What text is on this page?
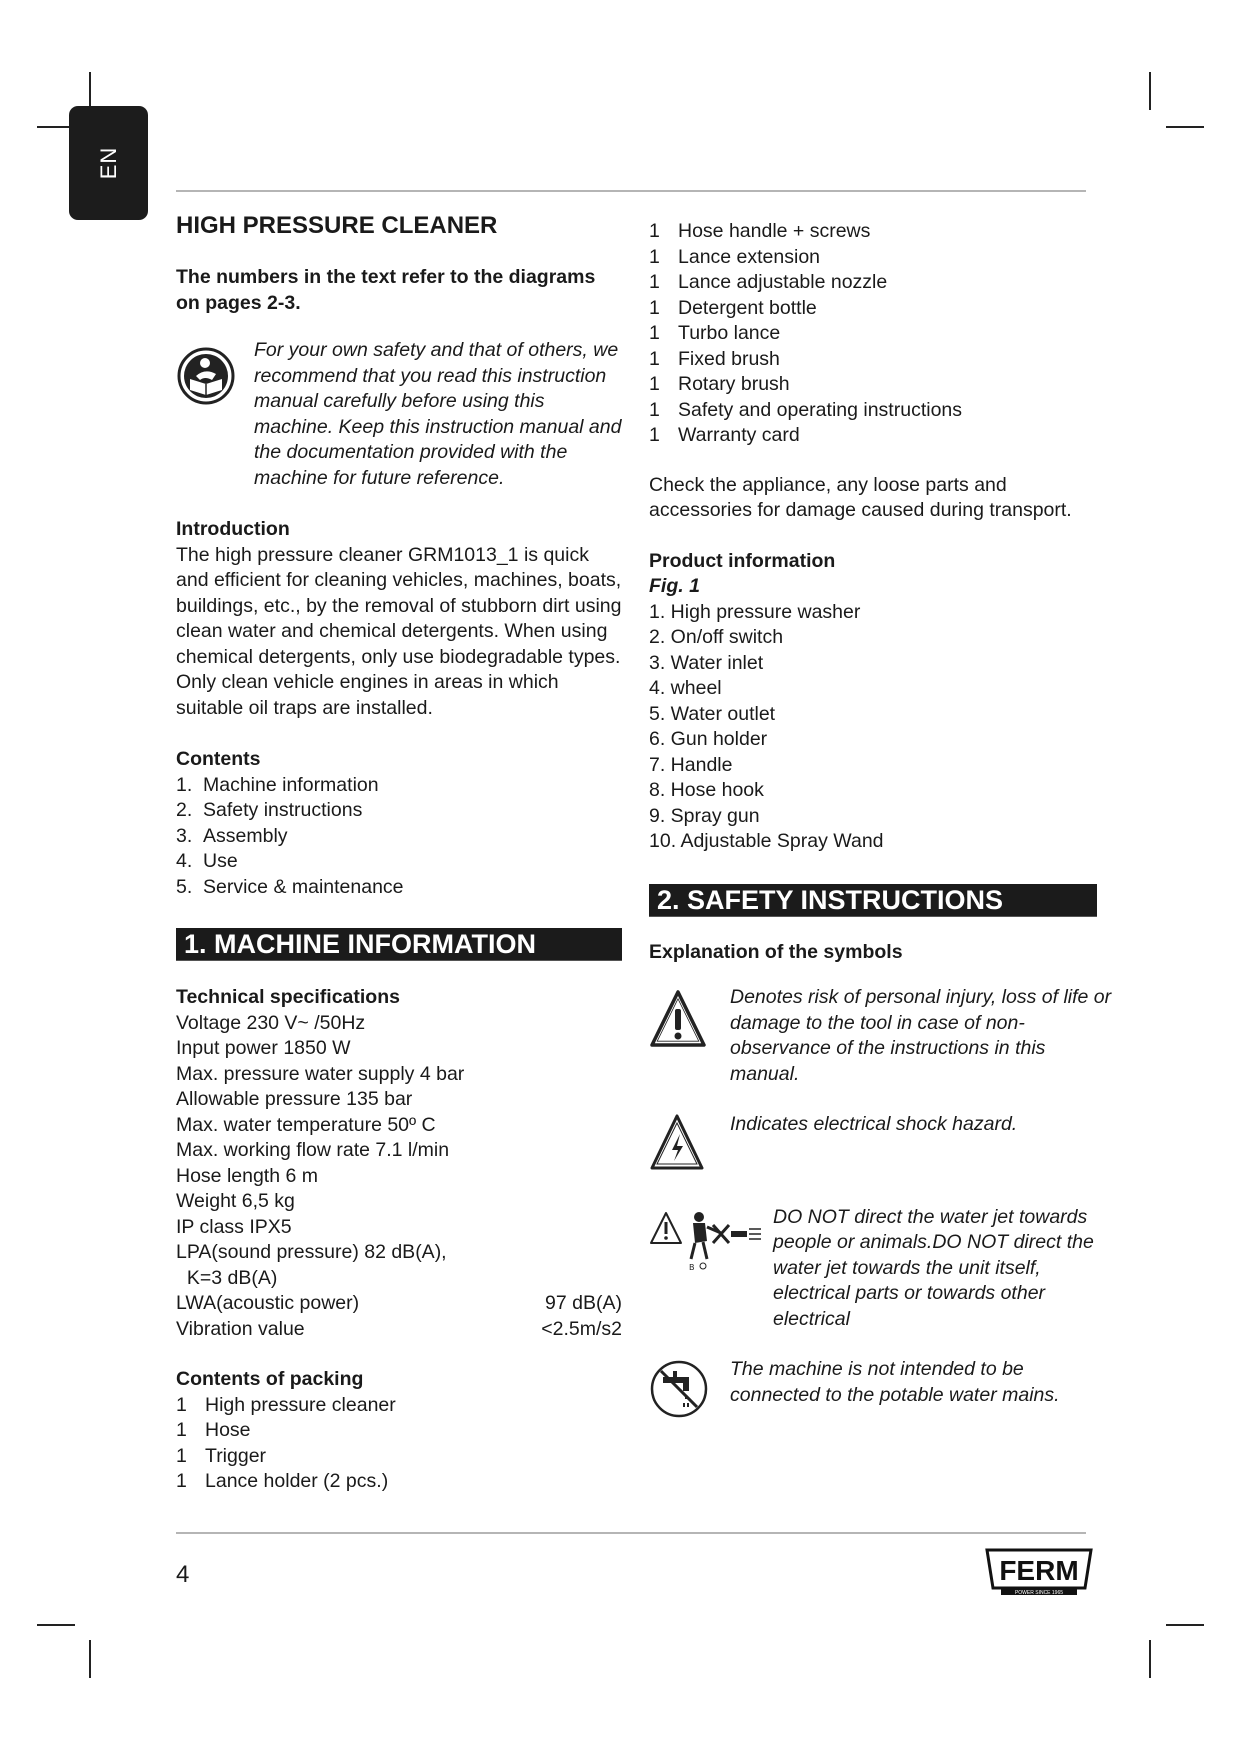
EN
HIGH PRESSURE CLEANER

The numbers in the text refer to the diagrams on pages 2-3.

For your own safety and that of others, we recommend that you read this instruction manual carefully before using this machine. Keep this instruction manual and the documentation provided with the machine for future reference.

Introduction

The high pressure cleaner GRM1013_1 is quick and efficient for cleaning vehicles, machines, boats, buildings, etc., by the removal of stubborn dirt using clean water and chemical detergents. When using chemical detergents, only use biodegradable types. Only clean vehicle engines in areas in which suitable oil traps are installed.

Contents

1. Machine information
2. Safety instructions
3. Assembly
4. Use
5. Service & maintenance
1. MACHINE INFORMATION

Technical specifications

Voltage 230 V~ /50Hz

Input power 1850 W

Max. pressure water supply 4 bar

Allowable pressure 135 bar

Max. water temperature 50º C

Max. working flow rate 7.1 l/min

Hose length 6 m

Weight 6,5 kg

IP class IPX5

LPA(sound pressure) 82 dB(A),

K=3 dB(A)

LWA(acoustic power)	97 dB(A)
Vibration value	<2.5m/s2

Contents of packing

1 High pressure cleaner
1 Hose
1 Trigger
1 Lance holder (2 pcs.)
1 Hose handle + screws
1 Lance extension
1 Lance adjustable nozzle
1 Detergent bottle
1 Turbo lance
1 Fixed brush
1 Rotary brush
1 Safety and operating instructions
1 Warranty card

Check the appliance, any loose parts and accessories for damage caused during transport.

Product information

Fig. 1

1. High pressure washer

2. On/off switch

3. Water inlet

4. wheel

5. Water outlet

6. Gun holder

7. Handle

8. Hose hook

9. Spray gun

10. Adjustable Spray Wand

2. SAFETY INSTRUCTIONS

Explanation of the symbols

Denotes risk of personal injury, loss of life or damage to the tool in case of non-observance of the instructions in this manual.

Indicates electrical shock hazard.

B

DO NOT direct the water jet towards people or animals.DO NOT direct the water jet towards the unit itself, electrical parts or towards other electrical

The machine is not intended to be connected to the potable water mains.

4	FERM
POWER SINCE 1965
